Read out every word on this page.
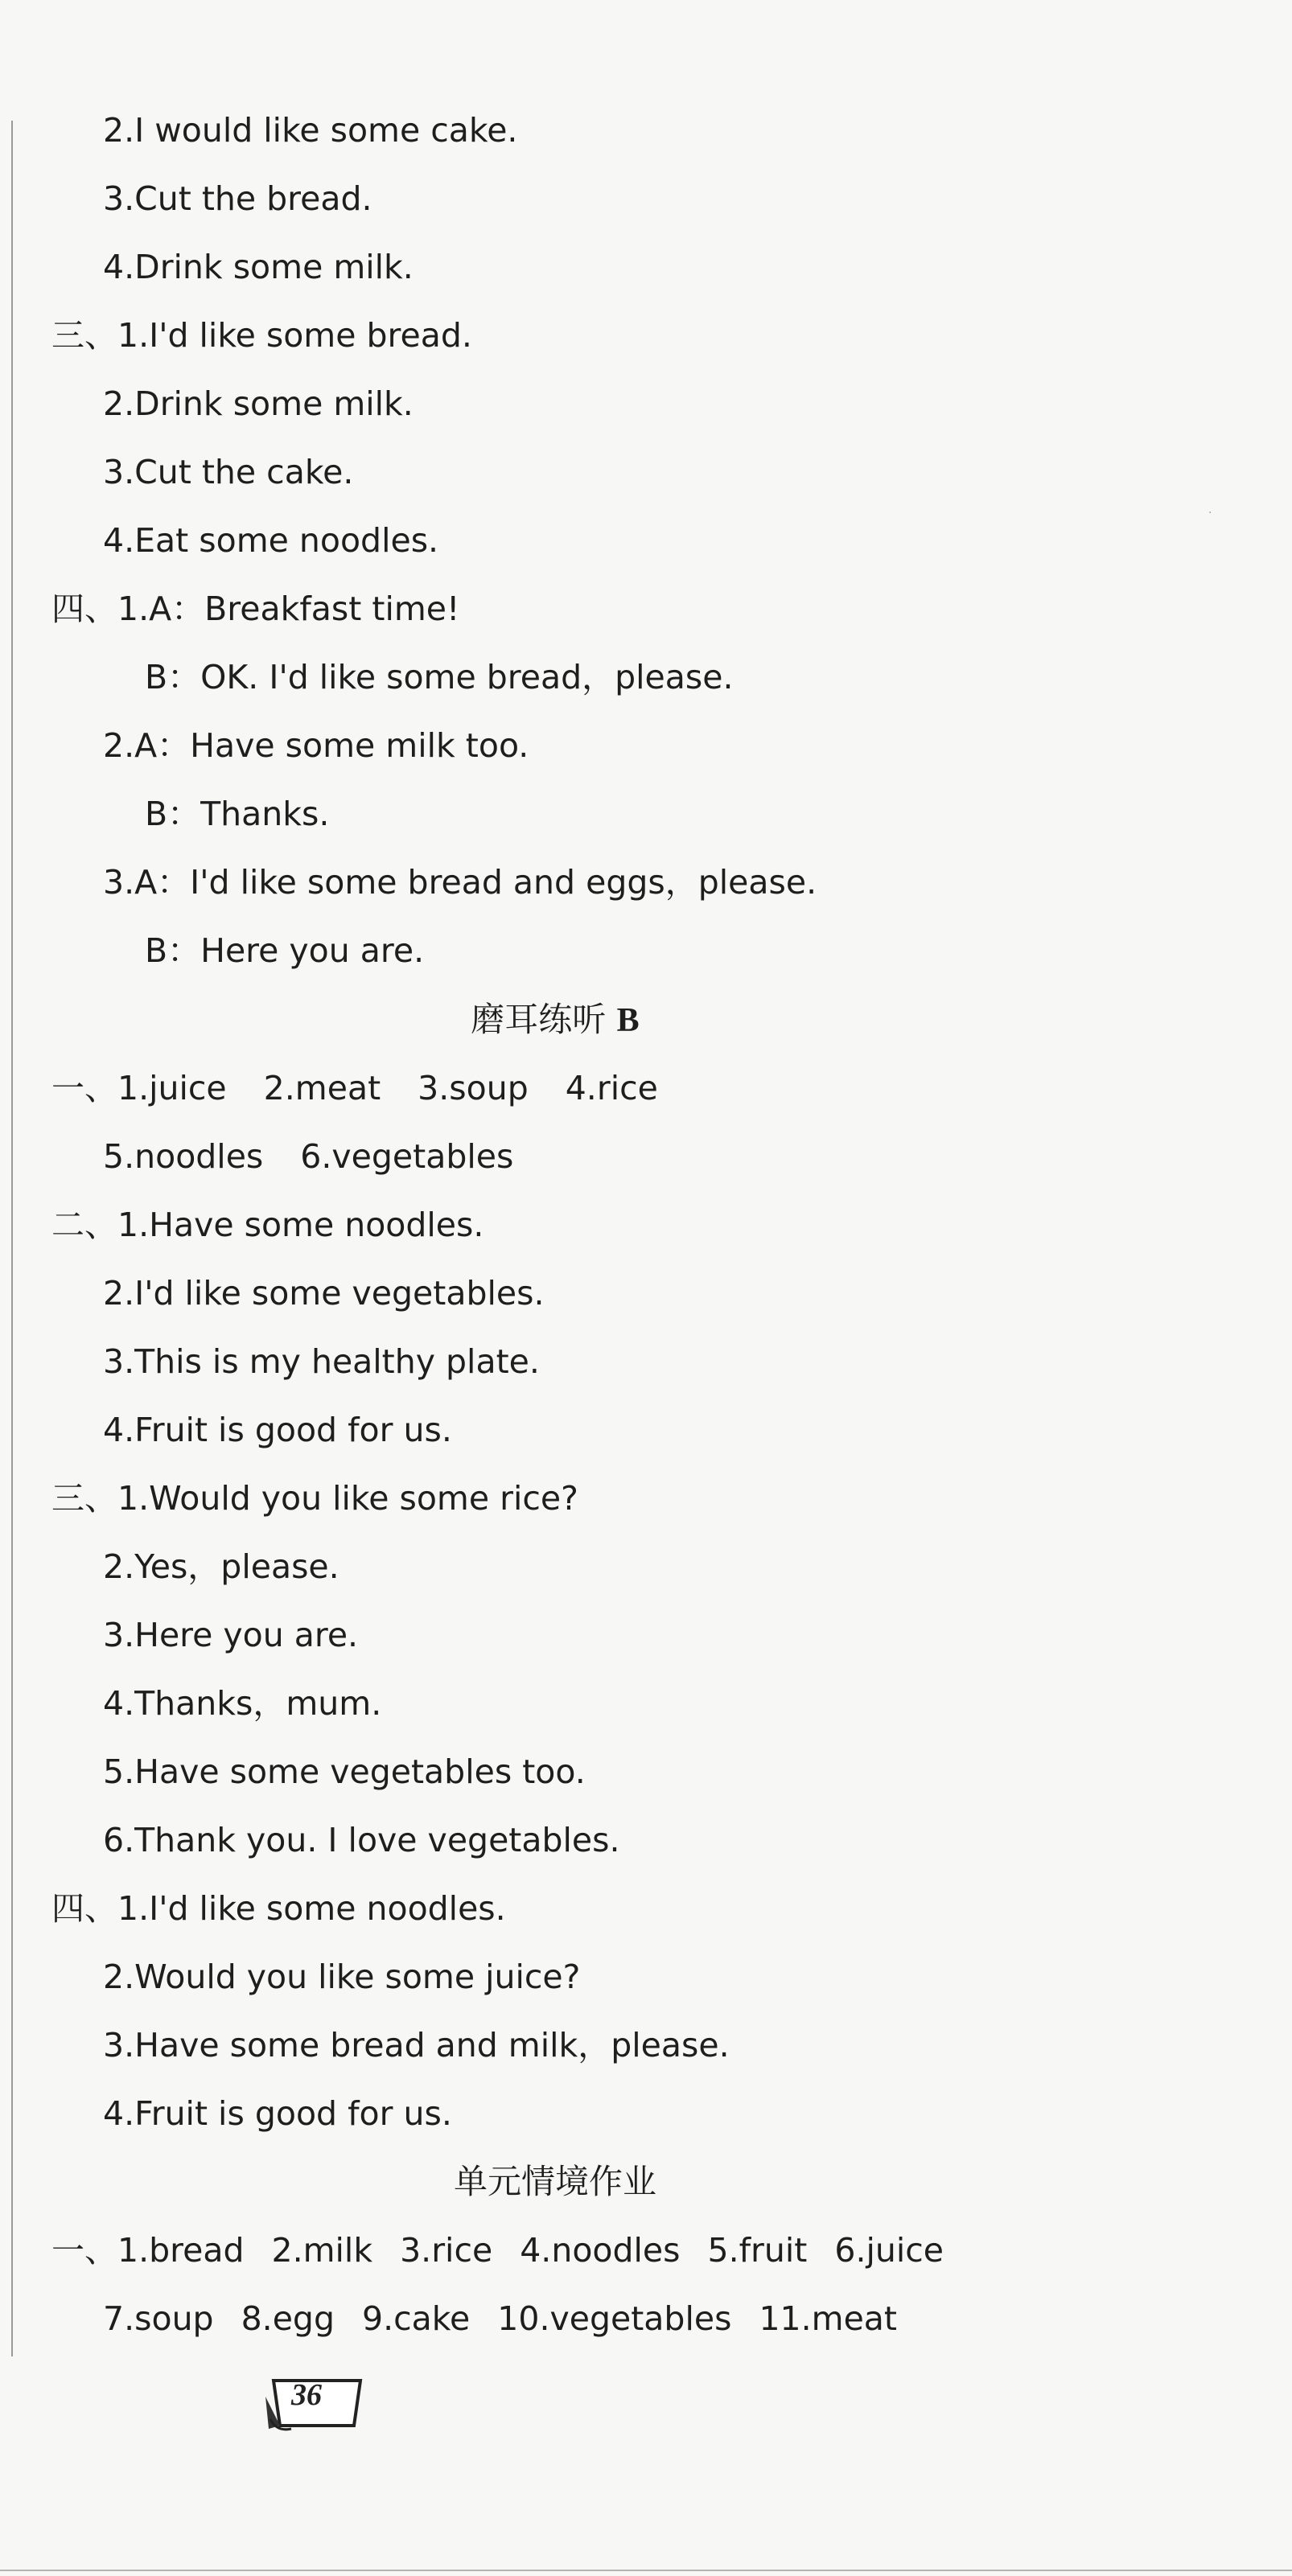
2.I would like some cake.
3.Cut the bread.
4.Drink some milk.
三、1.I'd like some bread.
2.Drink some milk.
3.Cut the cake.
4.Eat some noodles.
四、1.A：Breakfast time!
B：OK. I'd like some bread，please.
2.A：Have some milk too.
B：Thanks.
3.A：I'd like some bread and eggs，please.
B：Here you are.
磨耳练听 B
一、1.juice 2.meat 3.soup 4.rice
5.noodles 6.vegetables
二、1.Have some noodles.
2.I'd like some vegetables.
3.This is my healthy plate.
4.Fruit is good for us.
三、1.Would you like some rice?
2.Yes，please.
3.Here you are.
4.Thanks，mum.
5.Have some vegetables too.
6.Thank you. I love vegetables.
四、1.I'd like some noodles.
2.Would you like some juice?
3.Have some bread and milk，please.
4.Fruit is good for us.
单元情境作业
一、1.bread 2.milk 3.rice 4.noodles 5.fruit 6.juice
7.soup 8.egg 9.cake 10.vegetables 11.meat
36
·
